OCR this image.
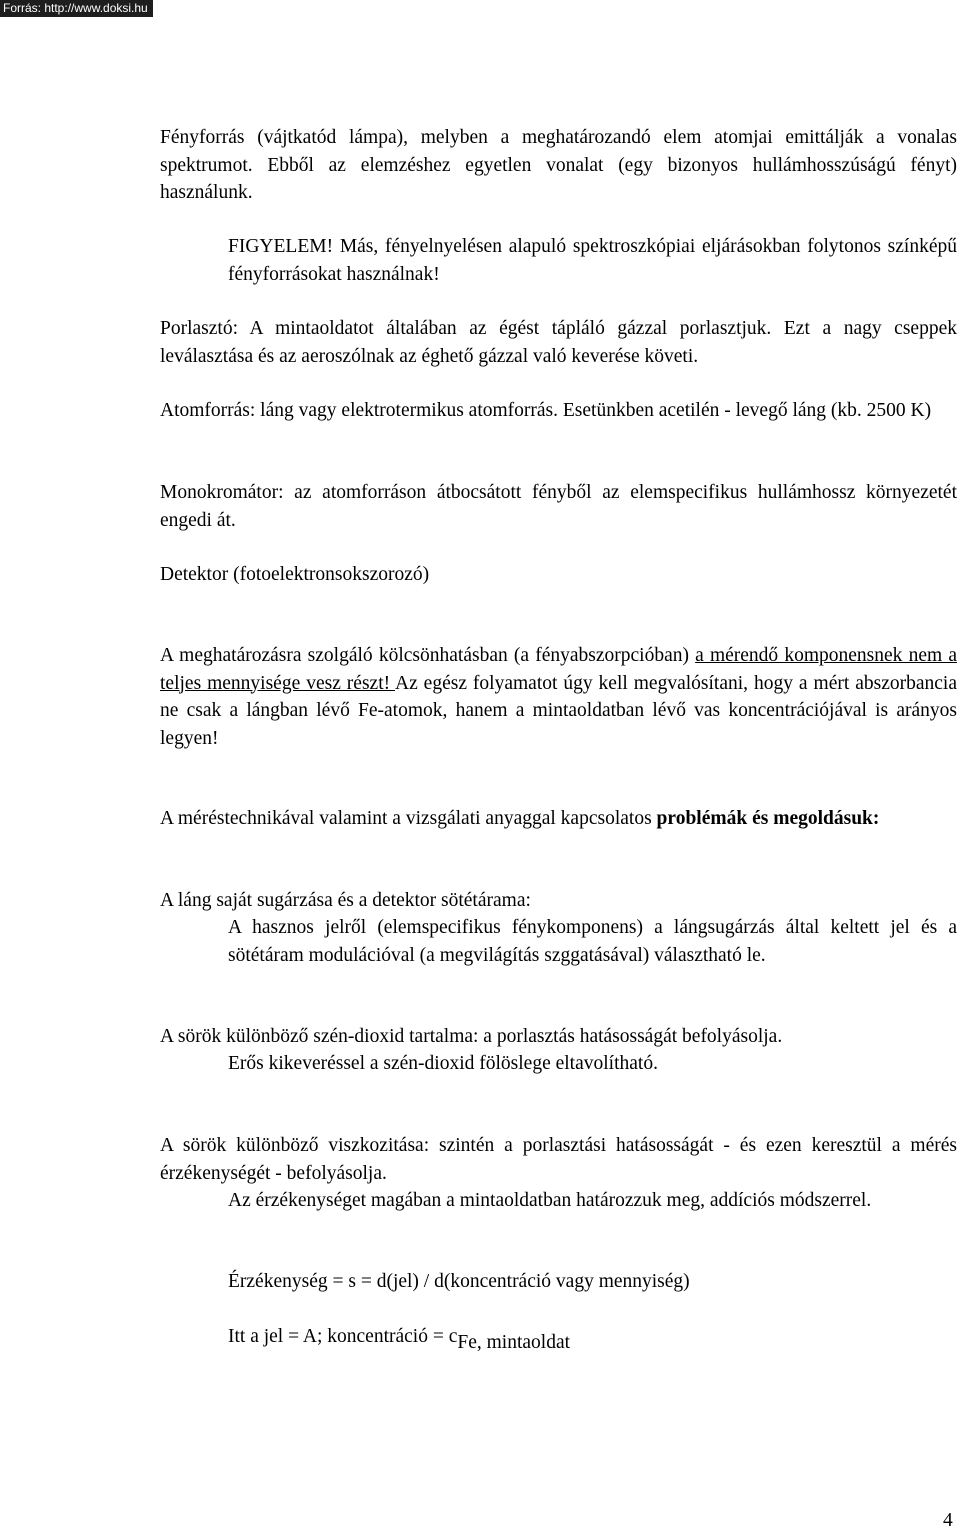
Forrás: http://www.doksi.hu

Fényforrás (vájtkatód lámpa), melyben a meghatározandó elem atomjai emittálják a vonalas spektrumot. Ebből az elemzéshez egyetlen vonalat (egy bizonyos hullámhosszúságú fényt) használunk.

FIGYELEM! Más, fényelnyelésen alapuló spektroszkópiai eljárásokban folytonos színképű fényforrásokat használnak!

Porlasztó: A mintaoldatot általában az égést tápláló gázzal porlasztjuk. Ezt a nagy cseppek leválasztása és az aeroszólnak az éghető gázzal való keverése követi.

Atomforrás: láng vagy elektrotermikus atomforrás. Esetünkben acetilén - levegő láng (kb. 2500 K)

Monokromátor: az atomforráson átbocsátott fényből az elemspecifikus hullámhossz környezetét engedi át.

Detektor (fotoelektronsokszorozó)

A meghatározásra szolgáló kölcsönhatásban (a fényabszorpcióban) a mérendő komponensnek nem a teljes mennyisége vesz részt! Az egész folyamatot úgy kell megvalósítani, hogy a mért abszorbancia ne csak a lángban lévő Fe-atomok, hanem a mintaoldatban lévő vas koncentrációjával is arányos legyen!

A méréstechnikával valamint a vizsgálati anyaggal kapcsolatos problémák és megoldásuk:

A láng saját sugárzása és a detektor sötétárama:

A hasznos jelről (elemspecifikus fénykomponens) a lángsugárzás által keltett jel és a sötétáram modulációval (a megvilágítás szggatásával) választható le.

A sörök különböző szén-dioxid tartalma: a porlasztás hatásosságát befolyásolja.

Erős kikeveréssel a szén-dioxid fölöslege eltavolítható.

A sörök különböző viszkozitása: szintén a porlasztási hatásosságát - és ezen keresztül a mérés érzékenységét - befolyásolja.

Az érzékenységet magában a mintaoldatban határozzuk meg, addíciós módszerrel.

Érzékenység = s = d(jel) / d(koncentráció vagy mennyiség)

Itt a jel = A; koncentráció = cFe, mintaoldat

4
